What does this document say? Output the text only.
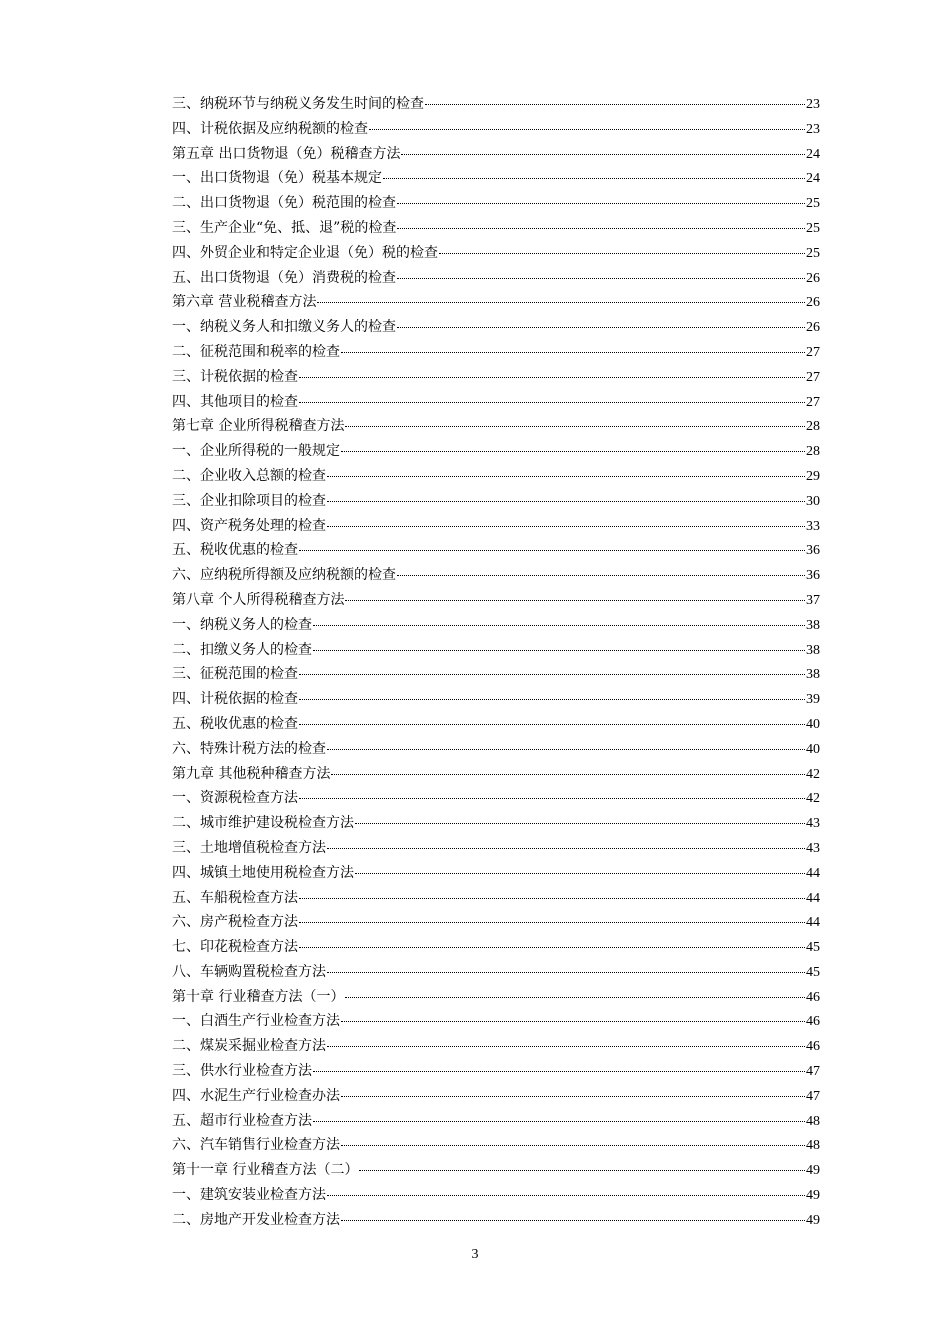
三、纳税环节与纳税义务发生时间的检查	23
四、计税依据及应纳税额的检查	23
第五章 出口货物退（免）税稽查方法	24
一、出口货物退（免）税基本规定	24
二、出口货物退（免）税范围的检查	25
三、生产企业“免、抵、退”税的检查	25
四、外贸企业和特定企业退（免）税的检查	25
五、出口货物退（免）消费税的检查	26
第六章 营业税稽查方法	26
一、纳税义务人和扣缴义务人的检查	26
二、征税范围和税率的检查	27
三、计税依据的检查	27
四、其他项目的检查	27
第七章 企业所得税稽查方法	28
一、企业所得税的一般规定	28
二、企业收入总额的检查	29
三、企业扣除项目的检查	30
四、资产税务处理的检查	33
五、税收优惠的检查	36
六、应纳税所得额及应纳税额的检查	36
第八章 个人所得税稽查方法	37
一、纳税义务人的检查	38
二、扣缴义务人的检查	38
三、征税范围的检查	38
四、计税依据的检查	39
五、税收优惠的检查	40
六、特殊计税方法的检查	40
第九章 其他税种稽查方法	42
一、资源税检查方法	42
二、城市维护建设税检查方法	43
三、土地增值税检查方法	43
四、城镇土地使用税检查方法	44
五、车船税检查方法	44
六、房产税检查方法	44
七、印花税检查方法	45
八、车辆购置税检查方法	45
第十章 行业稽查方法（一）	46
一、白酒生产行业检查方法	46
二、煤炭采掘业检查方法	46
三、供水行业检查方法	47
四、水泥生产行业检查办法	47
五、超市行业检查方法	48
六、汽车销售行业检查方法	48
第十一章 行业稽查方法（二）	49
一、建筑安装业检查方法	49
二、房地产开发业检查方法	49
3
